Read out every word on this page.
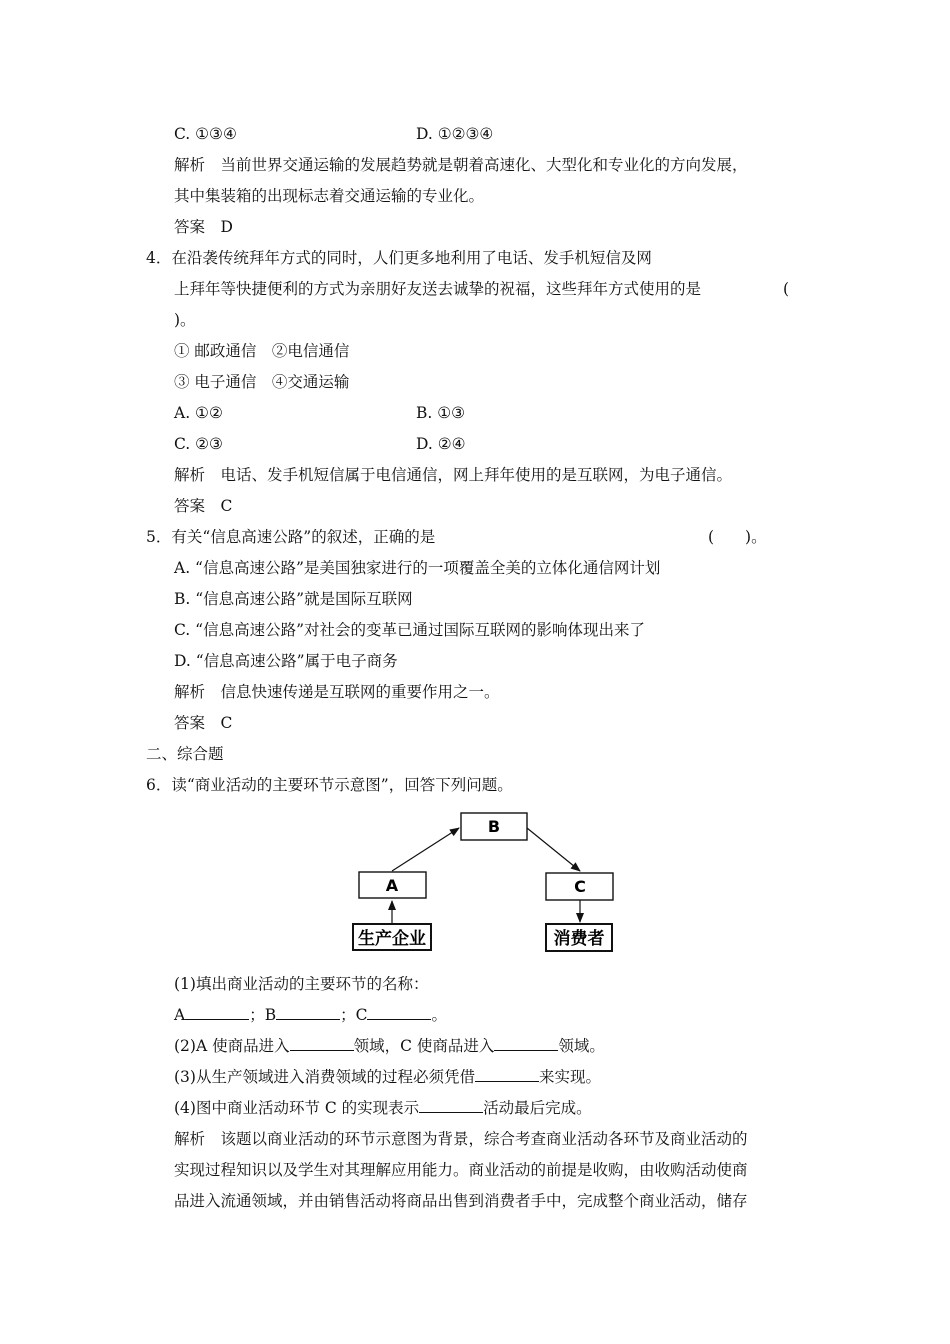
C. ①③④	D. ①②③④
解析　当前世界交通运输的发展趋势就是朝着高速化、大型化和专业化的方向发展，
其中集装箱的出现标志着交通运输的专业化。
答案　D
4．在沿袭传统拜年方式的同时，人们更多地利用了电话、发手机短信及网
上拜年等快捷便利的方式为亲朋好友送去诚挚的祝福，这些拜年方式使用的是	(
)。
① 邮政通信　②电信通信
③ 电子通信　④交通运输
A. ①②	B. ①③
C. ②③	D. ②④
解析　电话、发手机短信属于电信通信，网上拜年使用的是互联网，为电子通信。
答案　C
5．有关“信息高速公路”的叙述，正确的是	(　　)。
A. “信息高速公路”是美国独家进行的一项覆盖全美的立体化通信网计划
B. “信息高速公路”就是国际互联网
C. “信息高速公路”对社会的变革已通过国际互联网的影响体现出来了
D. “信息高速公路”属于电子商务
解析　信息快速传递是互联网的重要作用之一。
答案　C
二、综合题
6．读“商业活动的主要环节示意图”，回答下列问题。
B
A	C
生产企业	消费者
(1)填出商业活动的主要环节的名称：
A	；B	；C	。
(2)A 使商品进入	领域，C 使商品进入	领域。
(3)从生产领域进入消费领域的过程必须凭借	来实现。
(4)图中商业活动环节 C 的实现表示	活动最后完成。
解析　该题以商业活动的环节示意图为背景，综合考查商业活动各环节及商业活动的
实现过程知识以及学生对其理解应用能力。商业活动的前提是收购，由收购活动使商
品进入流通领域，并由销售活动将商品出售到消费者手中，完成整个商业活动，储存
